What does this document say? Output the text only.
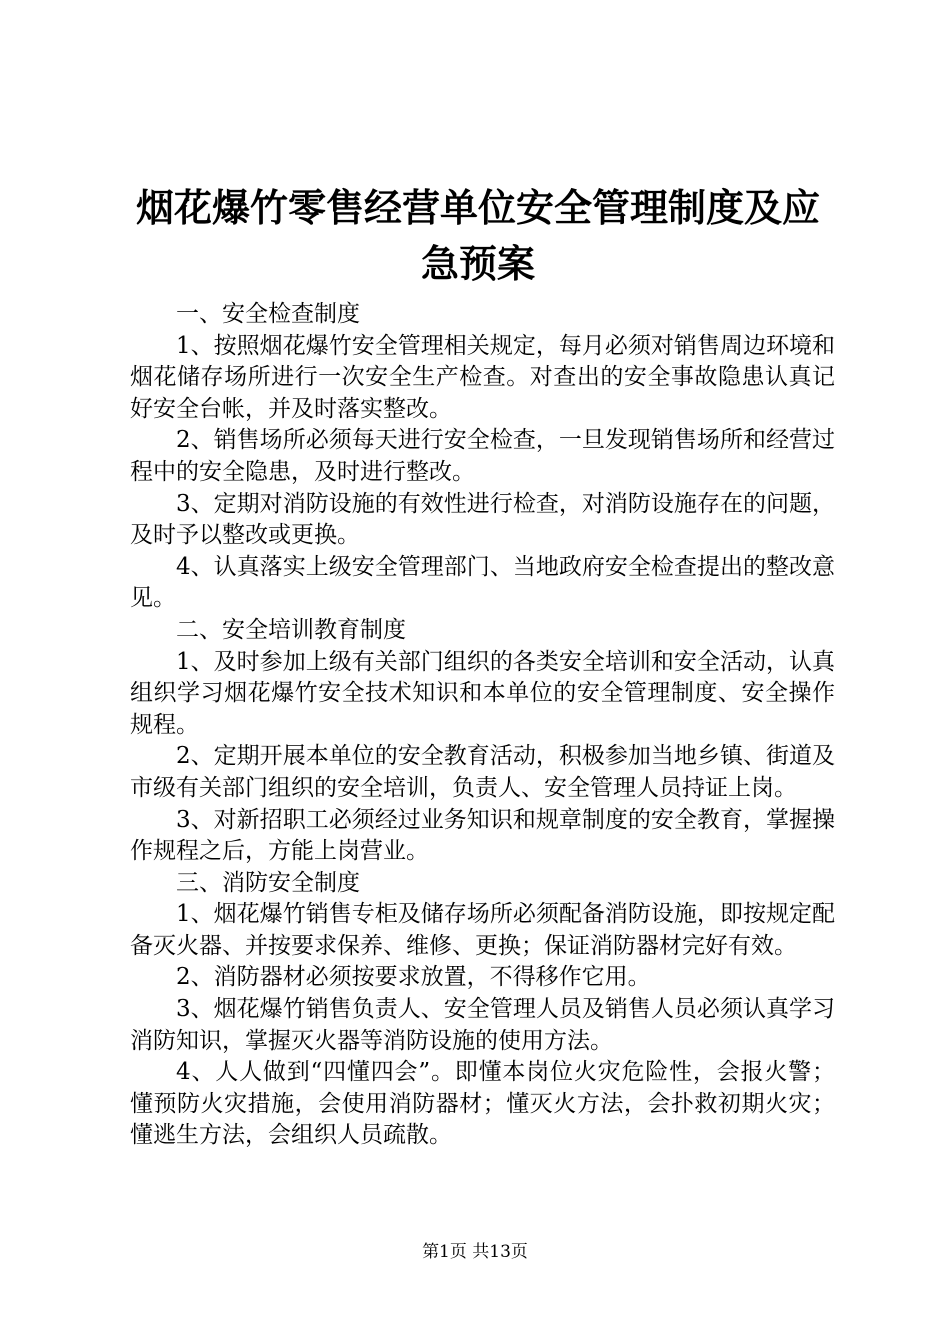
烟花爆竹零售经营单位安全管理制度及应急预案

一、安全检查制度

1、按照烟花爆竹安全管理相关规定，每月必须对销售周边环境和烟花储存场所进行一次安全生产检查。对查出的安全事故隐患认真记好安全台帐，并及时落实整改。

2、销售场所必须每天进行安全检查，一旦发现销售场所和经营过程中的安全隐患，及时进行整改。

3、定期对消防设施的有效性进行检查，对消防设施存在的问题，及时予以整改或更换。

4、认真落实上级安全管理部门、当地政府安全检查提出的整改意见。

二、安全培训教育制度

1、及时参加上级有关部门组织的各类安全培训和安全活动，认真组织学习烟花爆竹安全技术知识和本单位的安全管理制度、安全操作规程。

2、定期开展本单位的安全教育活动，积极参加当地乡镇、街道及市级有关部门组织的安全培训，负责人、安全管理人员持证上岗。

3、对新招职工必须经过业务知识和规章制度的安全教育，掌握操作规程之后，方能上岗营业。

三、消防安全制度

1、烟花爆竹销售专柜及储存场所必须配备消防设施，即按规定配备灭火器、并按要求保养、维修、更换；保证消防器材完好有效。

2、消防器材必须按要求放置，不得移作它用。

3、烟花爆竹销售负责人、安全管理人员及销售人员必须认真学习消防知识，掌握灭火器等消防设施的使用方法。

4、人人做到“四懂四会”。即懂本岗位火灾危险性，会报火警；懂预防火灾措施，会使用消防器材；懂灭火方法，会扑救初期火灾；懂逃生方法，会组织人员疏散。

第1页 共13页
